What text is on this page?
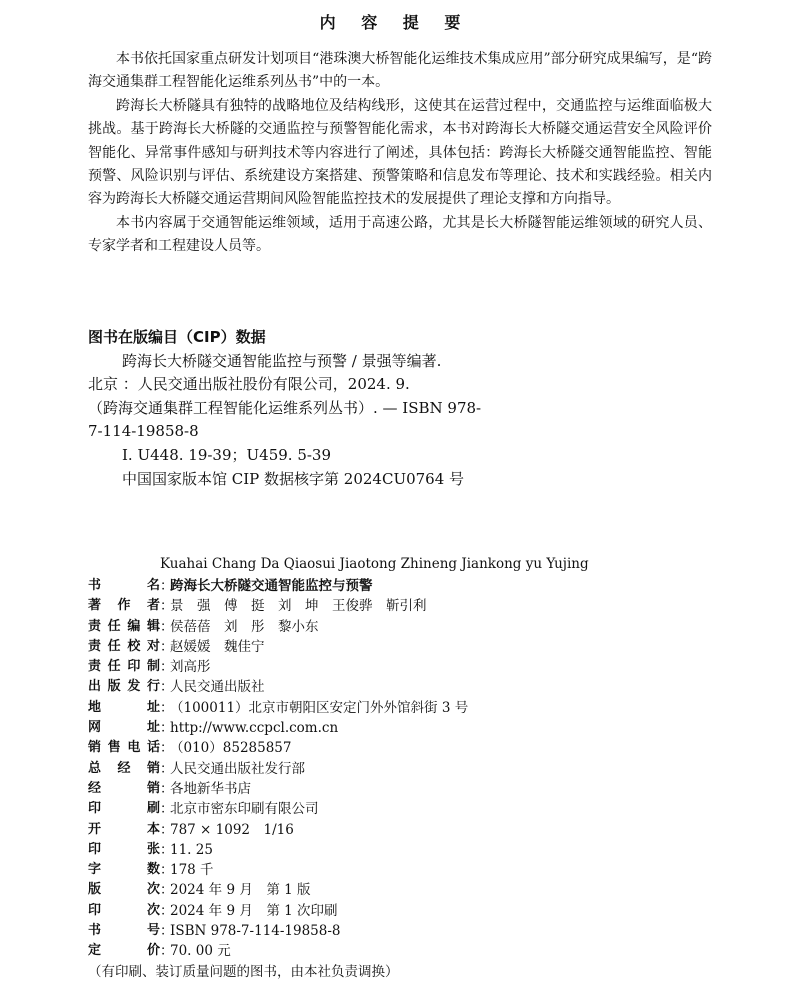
内 容 提 要

本书依托国家重点研发计划项目“港珠澳大桥智能化运维技术集成应用”部分研究成果编写，是“跨海交通集群工程智能化运维系列丛书”中的一本。

跨海长大桥隧具有独特的战略地位及结构线形，这使其在运营过程中，交通监控与运维面临极大挑战。基于跨海长大桥隧的交通监控与预警智能化需求，本书对跨海长大桥隧交通运营安全风险评价智能化、异常事件感知与研判技术等内容进行了阐述，具体包括：跨海长大桥隧交通智能监控、智能预警、风险识别与评估、系统建设方案搭建、预警策略和信息发布等理论、技术和实践经验。相关内容为跨海长大桥隧交通运营期间风险智能监控技术的发展提供了理论支撑和方向指导。

本书内容属于交通智能运维领域，适用于高速公路，尤其是长大桥隧智能运维领域的研究人员、专家学者和工程建设人员等。

图书在版编目（CIP）数据
跨海长大桥隧交通智能监控与预警 / 景强等编著.
北京 ：人民交通出版社股份有限公司，2024. 9.
（跨海交通集群工程智能化运维系列丛书）. — ISBN 978-
7-114-19858-8
Ⅰ. U448. 19-39；U459. 5-39
中国国家版本馆 CIP 数据核字第 2024CU0764 号
Kuahai Chang Da Qiaosui Jiaotong Zhineng Jiankong yu Yujing
书	名 ：
跨海长大桥隧交通智能监控与预警
著 作 者 ：
景　强　傅　挺　刘　坤　王俊骅　靳引利
责 任 编 辑 ：
侯蓓蓓　刘　彤　黎小东
责 任 校 对 ：
赵媛媛　魏佳宁
责 任 印 制 ：
刘高彤
出 版 发 行 ：
人民交通出版社
地	址 ：
（100011）北京市朝阳区安定门外外馆斜街 3 号
网	址 ：
http://www.ccpcl.com.cn
销 售 电 话 ：
（010）85285857
总 经 销 ：
人民交通出版社发行部
经	销 ：
各地新华书店
印	刷 ：
北京市密东印刷有限公司
开	本 ：
787 × 1092　1/16
印	张 ：
11. 25
字	数 ：
178 千
版	次 ：
2024 年 9 月　第 1 版
印	次 ：
2024 年 9 月　第 1 次印刷
书	号 ：
ISBN 978-7-114-19858-8
定	价 ：
70. 00 元
（有印刷、装订质量问题的图书，由本社负责调换）
